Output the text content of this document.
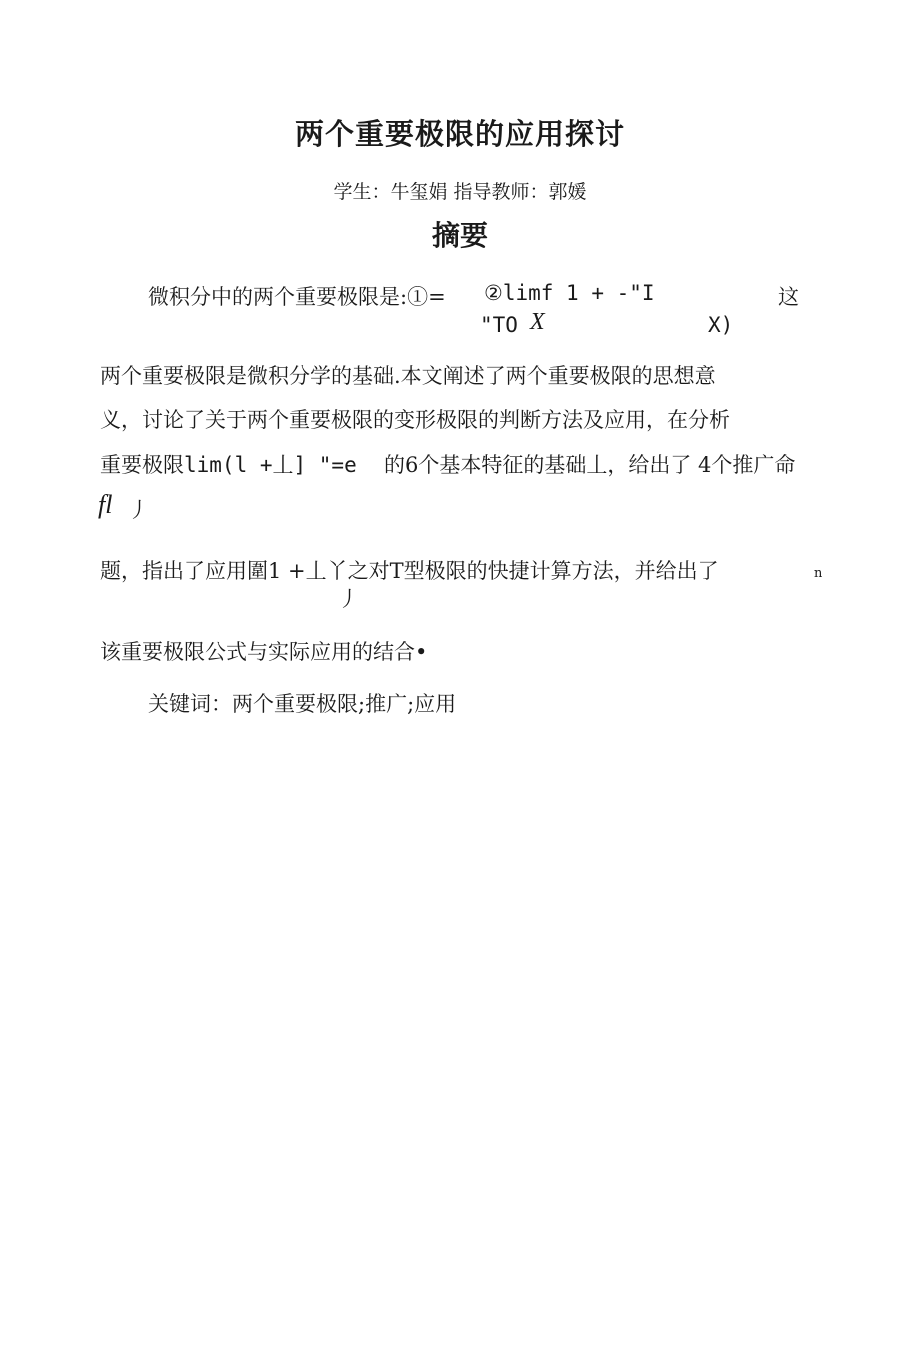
两个重要极限的应用探讨
学生：牛玺娟 指导教师：郭媛
摘要
微积分中的两个重要极限是:①= ②limf 1 + -"I	这
"TO X	X)
两个重要极限是微积分学的基础.本文阐述了两个重要极限的思想意
义，讨论了关于两个重要极限的变形极限的判断方法及应用，在分析
重要极限 lim(l +丄] "=e 的6个基本特征的基础丄，给出了 4个推广命
fl 丿
题，指出了应用圍1 +丄丫之对T型极限的快捷计算方法，并给出了	n
丿
该重要极限公式与实际应用的结合•
关键词：两个重要极限;推广;应用
